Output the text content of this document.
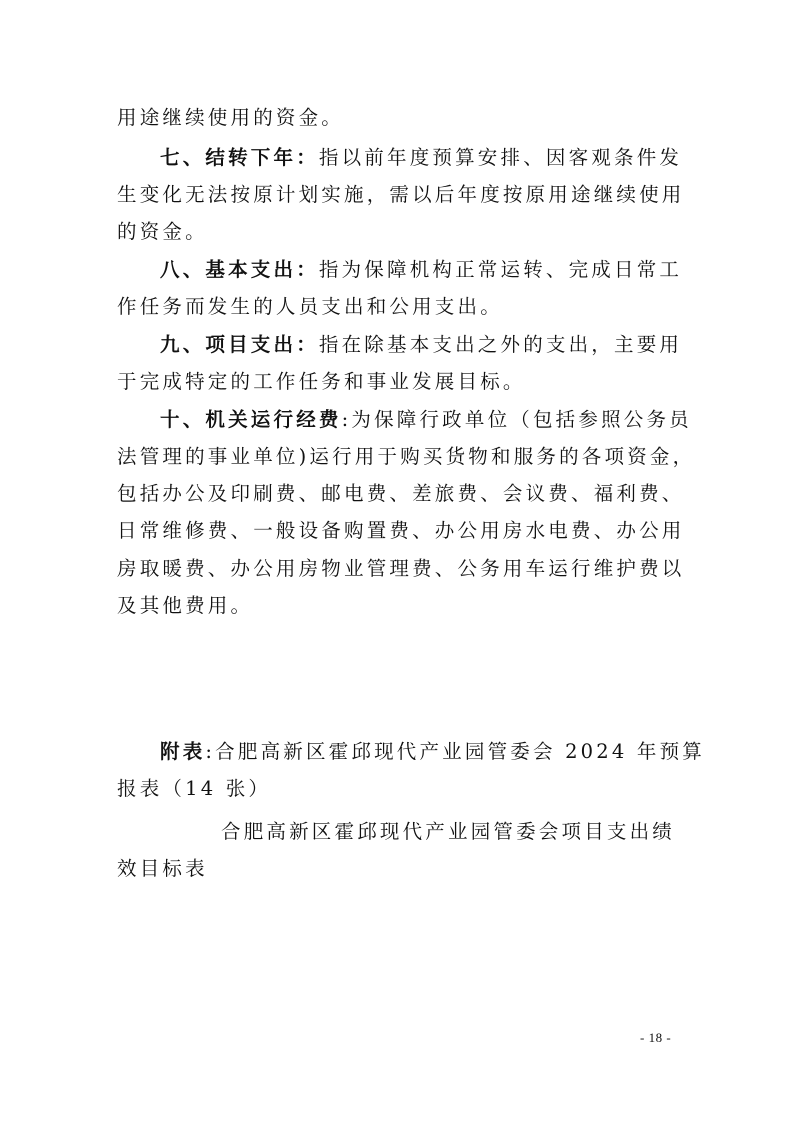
用途继续使用的资金。
七、结转下年：指以前年度预算安排、因客观条件发
生变化无法按原计划实施，需以后年度按原用途继续使用
的资金。
八、基本支出：指为保障机构正常运转、完成日常工
作任务而发生的人员支出和公用支出。
九、项目支出：指在除基本支出之外的支出，主要用
于完成特定的工作任务和事业发展目标。
十、机关运行经费:为保障行政单位（包括参照公务员
法管理的事业单位)运行用于购买货物和服务的各项资金，
包括办公及印刷费、邮电费、差旅费、会议费、福利费、
日常维修费、一般设备购置费、办公用房水电费、办公用
房取暖费、办公用房物业管理费、公务用车运行维护费以
及其他费用。
附表:合肥高新区霍邱现代产业园管委会 2024 年预算
报表（14 张）
合肥高新区霍邱现代产业园管委会项目支出绩
效目标表
- 18 -
